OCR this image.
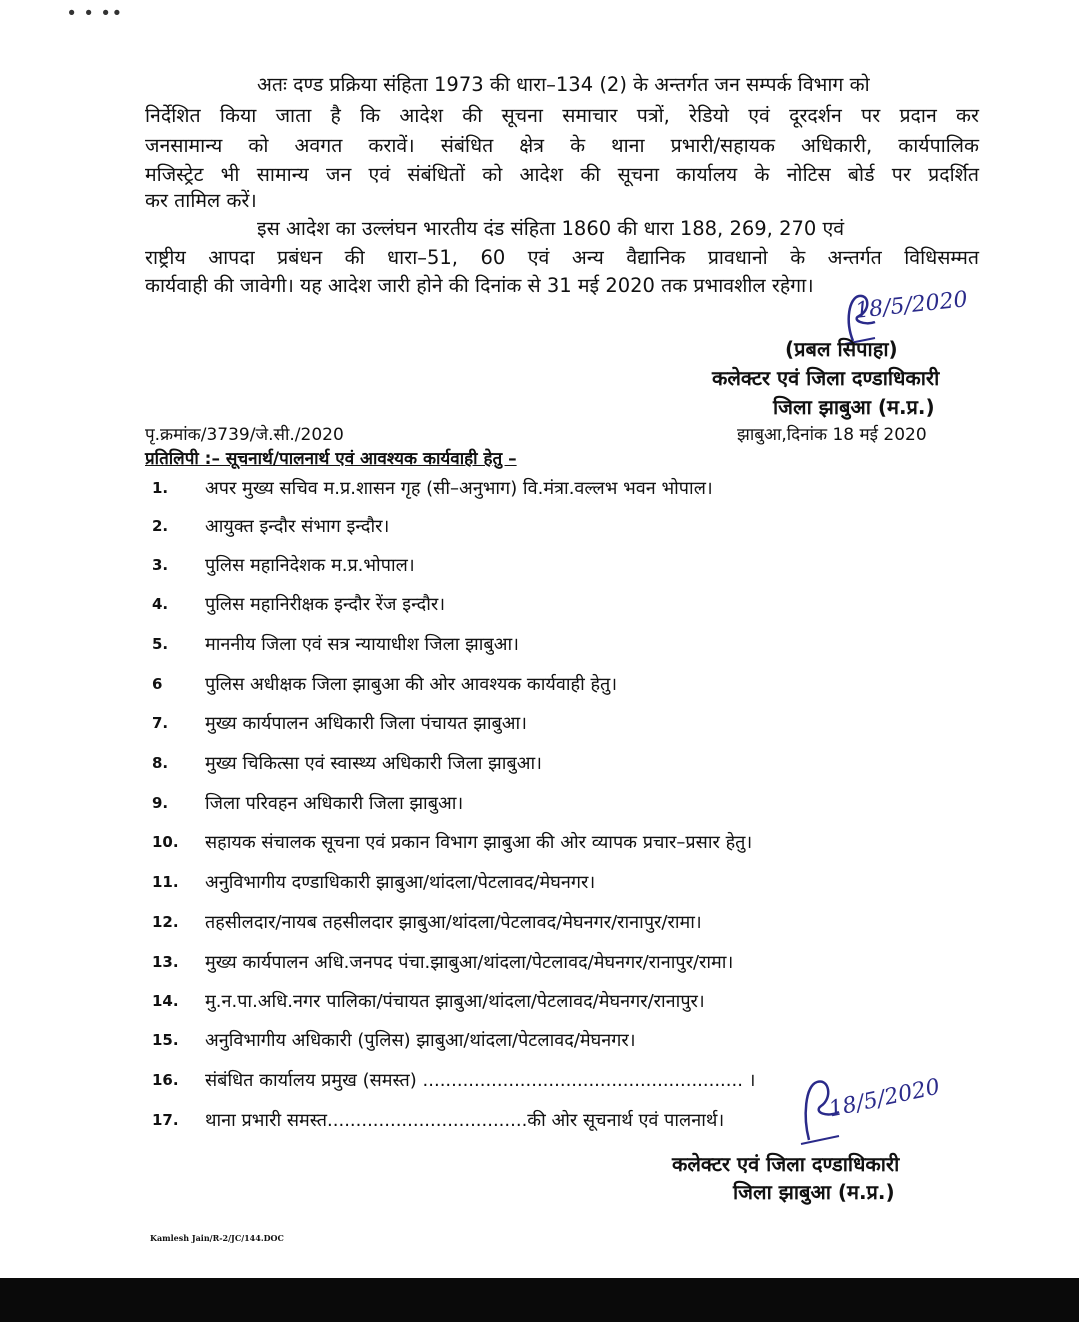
∙ ∙ ∙∙
अतः दण्ड प्रक्रिया संहिता 1973 की धारा–134 (2) के अन्तर्गत जन सम्पर्क विभाग को
निर्देशित किया जाता है कि आदेश की सूचना समाचार पत्रों, रेडियो एवं दूरदर्शन पर प्रदान कर
जनसामान्य को अवगत करावें। संबंधित क्षेत्र के थाना प्रभारी/सहायक अधिकारी, कार्यपालिक
मजिस्ट्रेट भी सामान्य जन एवं संबंधितों को आदेश की सूचना कार्यालय के नोटिस बोर्ड पर प्रदर्शित
कर तामिल करें।
इस आदेश का उल्लंघन भारतीय दंड संहिता 1860 की धारा 188, 269, 270 एवं
राष्ट्रीय आपदा प्रबंधन की धारा–51, 60 एवं अन्य वैद्यानिक प्रावधानो के अन्तर्गत विधिसम्मत
कार्यवाही की जावेगी। यह आदेश जारी होने की दिनांक से 31 मई 2020 तक प्रभावशील रहेगा।
18/5/2020
(प्रबल सिपाहा)
कलेक्टर एवं जिला दण्डाधिकारी
जिला झाबुआ (म.प्र.)
पृ.क्रमांक/3739/जे.सी./2020	झाबुआ,दिनांक 18 मई 2020
प्रतिलिपी :– सूचनार्थ/पालनार्थ एवं आवश्यक कार्यवाही हेतु –
1. अपर मुख्य सचिव म.प्र.शासन गृह (सी–अनुभाग) वि.मंत्रा.वल्लभ भवन भोपाल।
2. आयुक्त इन्दौर संभाग इन्दौर।
3. पुलिस महानिदेशक म.प्र.भोपाल।
4. पुलिस महानिरीक्षक इन्दौर रेंज इन्दौर।
5. माननीय जिला एवं सत्र न्यायाधीश जिला झाबुआ।
6 पुलिस अधीक्षक जिला झाबुआ की ओर आवश्यक कार्यवाही हेतु।
7. मुख्य कार्यपालन अधिकारी जिला पंचायत झाबुआ।
8. मुख्य चिकित्सा एवं स्वास्थ्य अधिकारी जिला झाबुआ।
9. जिला परिवहन अधिकारी जिला झाबुआ।
10. सहायक संचालक सूचना एवं प्रकान विभाग झाबुआ की ओर व्यापक प्रचार–प्रसार हेतु।
11. अनुविभागीय दण्डाधिकारी झाबुआ/थांदला/पेटलावद/मेघनगर।
12. तहसीलदार/नायब तहसीलदार झाबुआ/थांदला/पेटलावद/मेघनगर/रानापुर/रामा।
13. मुख्य कार्यपालन अधि.जनपद पंचा.झाबुआ/थांदला/पेटलावद/मेघनगर/रानापुर/रामा।
14. मु.न.पा.अधि.नगर पालिका/पंचायत झाबुआ/थांदला/पेटलावद/मेघनगर/रानापुर।
15. अनुविभागीय अधिकारी (पुलिस) झाबुआ/थांदला/पेटलावद/मेघनगर।
16. संबंधित कार्यालय प्रमुख (समस्त) ........................................................ ।
17. थाना प्रभारी समस्त...................................की ओर सूचनार्थ एवं पालनार्थ।	18/5/2020
कलेक्टर एवं जिला दण्डाधिकारी
जिला झाबुआ (म.प्र.)
Kamlesh Jain/R-2/JC/144.DOC
